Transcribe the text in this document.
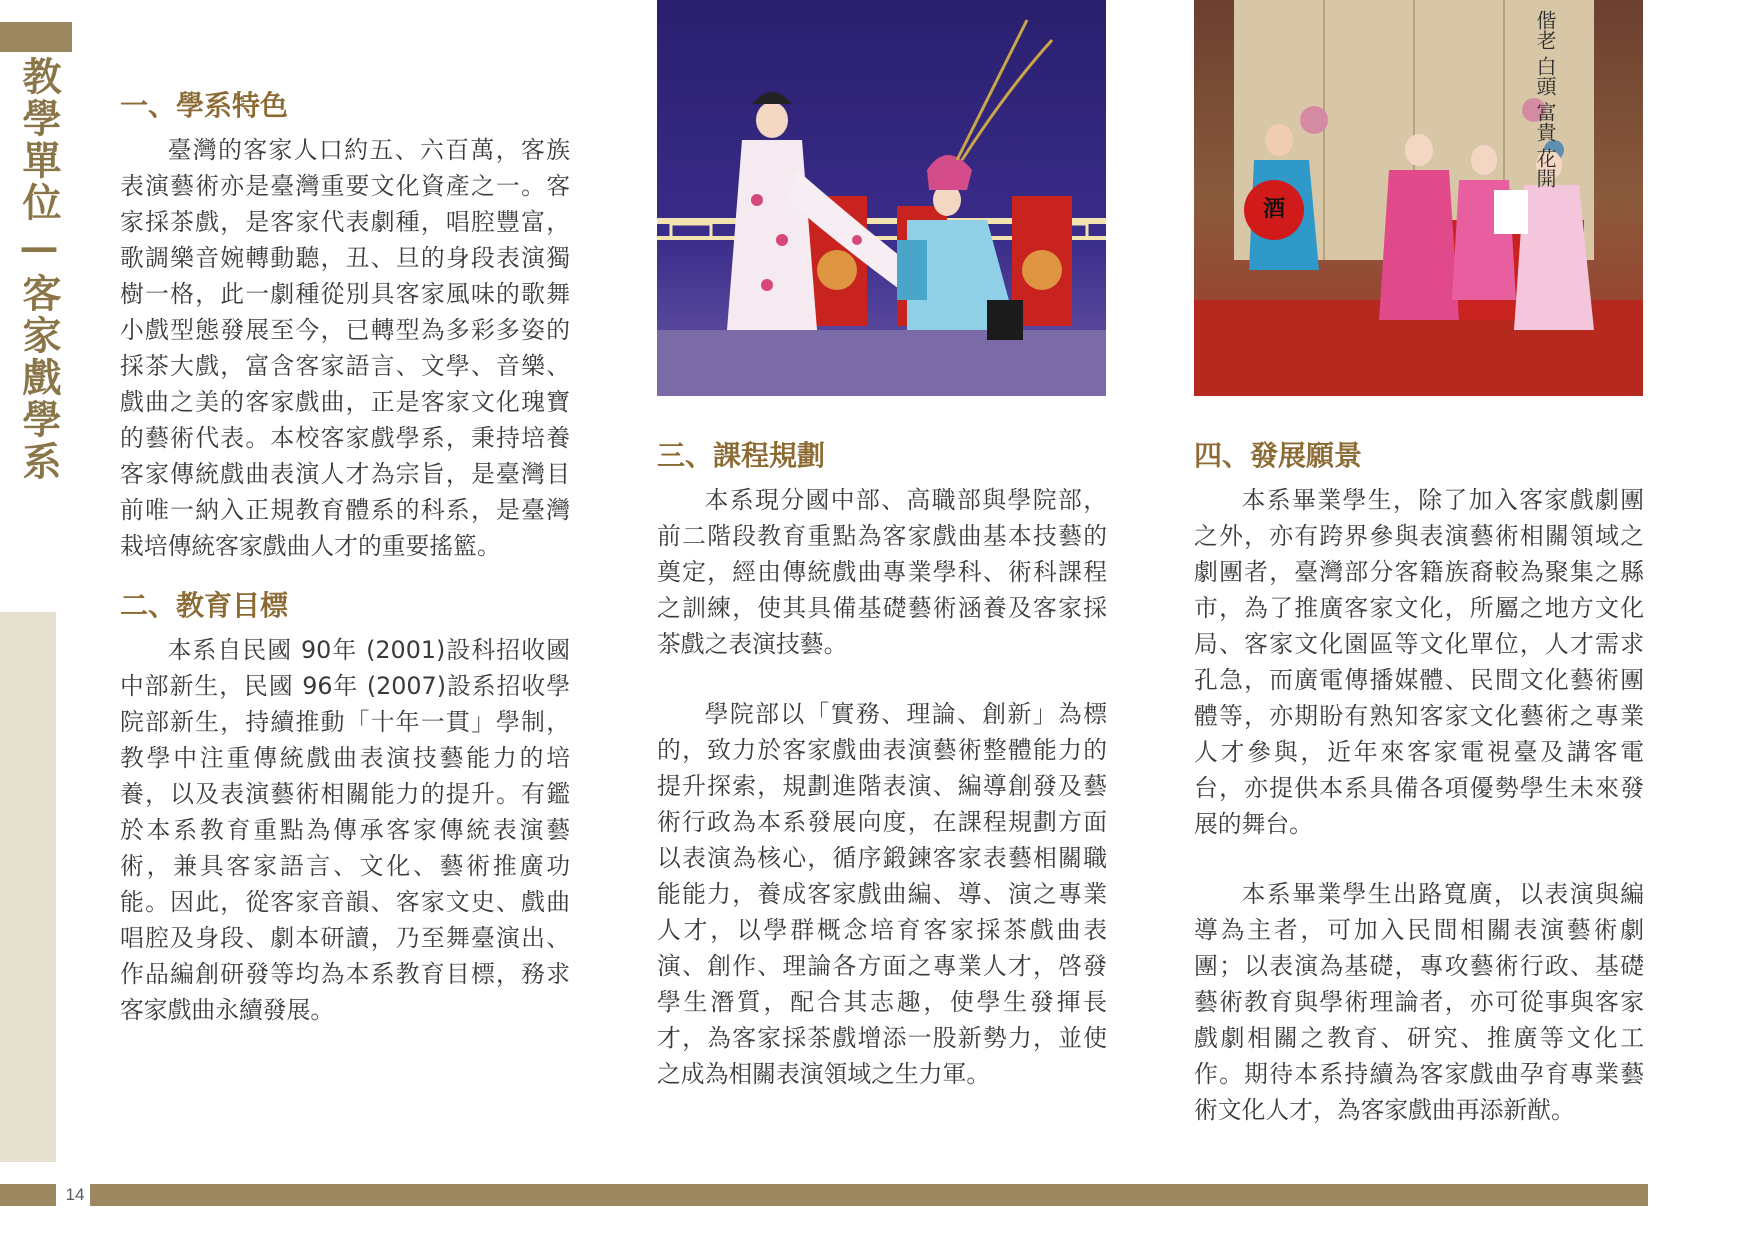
教學單位—客家戲學系 一、學系特色

臺灣的客家人口約五、六百萬，客族表演藝術亦是臺灣重要文化資產之一。客家採茶戲，是客家代表劇種，唱腔豐富，歌調樂音婉轉動聽，丑、旦的身段表演獨樹一格，此一劇種從別具客家風味的歌舞小戲型態發展至今，已轉型為多彩多姿的採茶大戲，富含客家語言、文學、音樂、戲曲之美的客家戲曲，正是客家文化瑰寶的藝術代表。本校客家戲學系，秉持培養客家傳統戲曲表演人才為宗旨，是臺灣目前唯一納入正規教育體系的科系，是臺灣栽培傳統客家戲曲人才的重要搖籃。

二、教育目標

本系自民國 90年 (2001)設科招收國中部新生，民國 96年 (2007)設系招收學院部新生，持續推動「十年一貫」學制，教學中注重傳統戲曲表演技藝能力的培養，以及表演藝術相關能力的提升。有鑑於本系教育重點為傳承客家傳統表演藝術，兼具客家語言、文化、藝術推廣功能。因此，從客家音韻、客家文史、戲曲唱腔及身段、劇本研讀，乃至舞臺演出、作品編創研發等均為本系教育目標，務求客家戲曲永續發展。

花開
富貴
白頭
偕老
酒
三、課程規劃

本系現分國中部、高職部與學院部，前二階段教育重點為客家戲曲基本技藝的奠定，經由傳統戲曲專業學科、術科課程之訓練，使其具備基礎藝術涵養及客家採茶戲之表演技藝。

學院部以「實務、理論、創新」為標的，致力於客家戲曲表演藝術整體能力的提升探索，規劃進階表演、編導創發及藝術行政為本系發展向度，在課程規劃方面以表演為核心，循序鍛鍊客家表藝相關職能能力，養成客家戲曲編、導、演之專業人才，以學群概念培育客家採茶戲曲表演、創作、理論各方面之專業人才，啓發學生潛質，配合其志趣，使學生發揮長才，為客家採茶戲增添一股新勢力，並使之成為相關表演領域之生力軍。

四、發展願景

本系畢業學生，除了加入客家戲劇團之外，亦有跨界參與表演藝術相關領域之劇團者，臺灣部分客籍族裔較為聚集之縣市，為了推廣客家文化，所屬之地方文化局、客家文化園區等文化單位，人才需求孔急，而廣電傳播媒體、民間文化藝術團體等，亦期盼有熟知客家文化藝術之專業人才參與，近年來客家電視臺及講客電台，亦提供本系具備各項優勢學生未來發展的舞台。

本系畢業學生出路寬廣，以表演與編導為主者，可加入民間相關表演藝術劇團；以表演為基礎，專攻藝術行政、基礎藝術教育與學術理論者，亦可從事與客家戲劇相關之教育、研究、推廣等文化工作。期待本系持續為客家戲曲孕育專業藝術文化人才，為客家戲曲再添新猷。

14
